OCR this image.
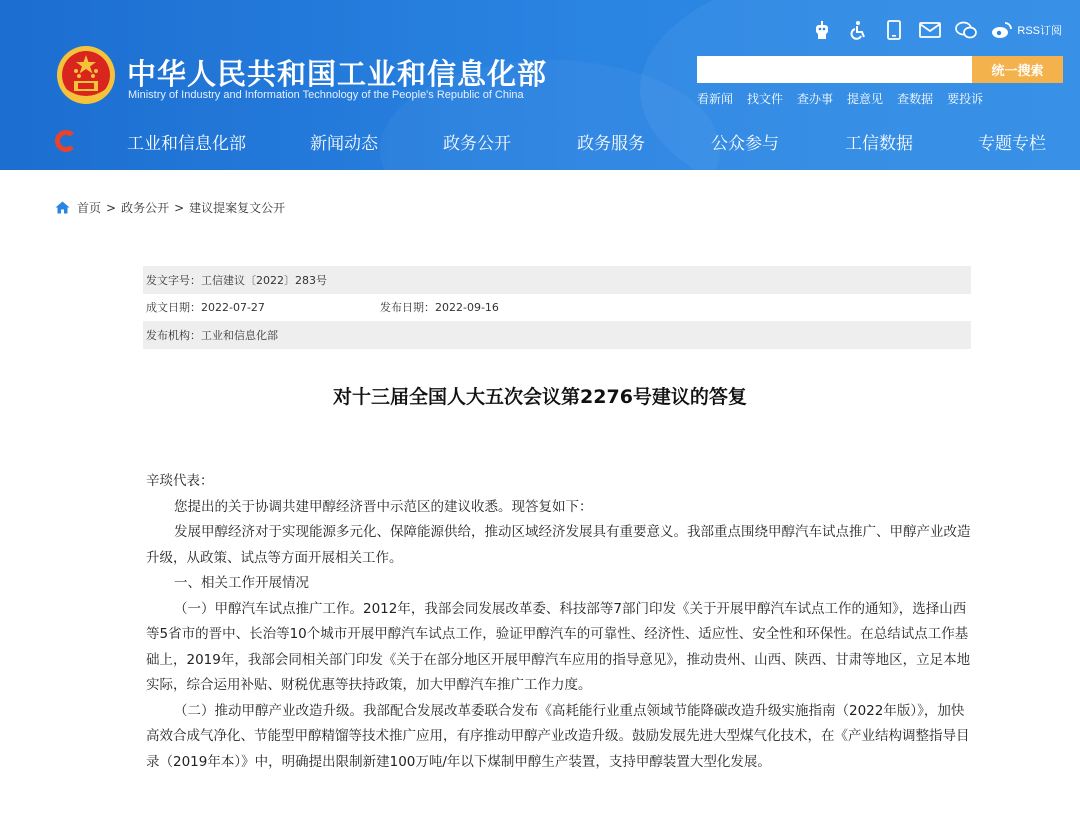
中华人民共和国工业和信息化部
Ministry of Industry and Information Technology of the People's Republic of China
RSS订阅
统一搜索
看新闻 找文件 查办事 提意见 查数据 要投诉
工业和信息化部	新闻动态	政务公开	政务服务	公众参与	工信数据	专题专栏
首页 > 政务公开 > 建议提案复文公开
发文字号： 工信建议〔2022〕283号
成文日期： 2022-07-27	发布日期：2022-09-16
发布机构： 工业和信息化部
对十三届全国人大五次会议第2276号建议的答复

辛琰代表：

您提出的关于协调共建甲醇经济晋中示范区的建议收悉。现答复如下：

发展甲醇经济对于实现能源多元化、保障能源供给，推动区域经济发展具有重要意义。我部重点围绕甲醇汽车试点推广、甲醇产业改造升级，从政策、试点等方面开展相关工作。

一、相关工作开展情况

（一）甲醇汽车试点推广工作。2012年，我部会同发展改革委、科技部等7部门印发《关于开展甲醇汽车试点工作的通知》，选择山西等5省市的晋中、长治等10个城市开展甲醇汽车试点工作，验证甲醇汽车的可靠性、经济性、适应性、安全性和环保性。在总结试点工作基础上，2019年，我部会同相关部门印发《关于在部分地区开展甲醇汽车应用的指导意见》，推动贵州、山西、陕西、甘肃等地区，立足本地实际，综合运用补贴、财税优惠等扶持政策，加大甲醇汽车推广工作力度。

（二）推动甲醇产业改造升级。我部配合发展改革委联合发布《高耗能行业重点领域节能降碳改造升级实施指南（2022年版）》，加快高效合成气净化、节能型甲醇精馏等技术推广应用，有序推动甲醇产业改造升级。鼓励发展先进大型煤气化技术，在《产业结构调整指导目录（2019年本）》中，明确提出限制新建100万吨/年以下煤制甲醇生产装置，支持甲醇装置大型化发展。
